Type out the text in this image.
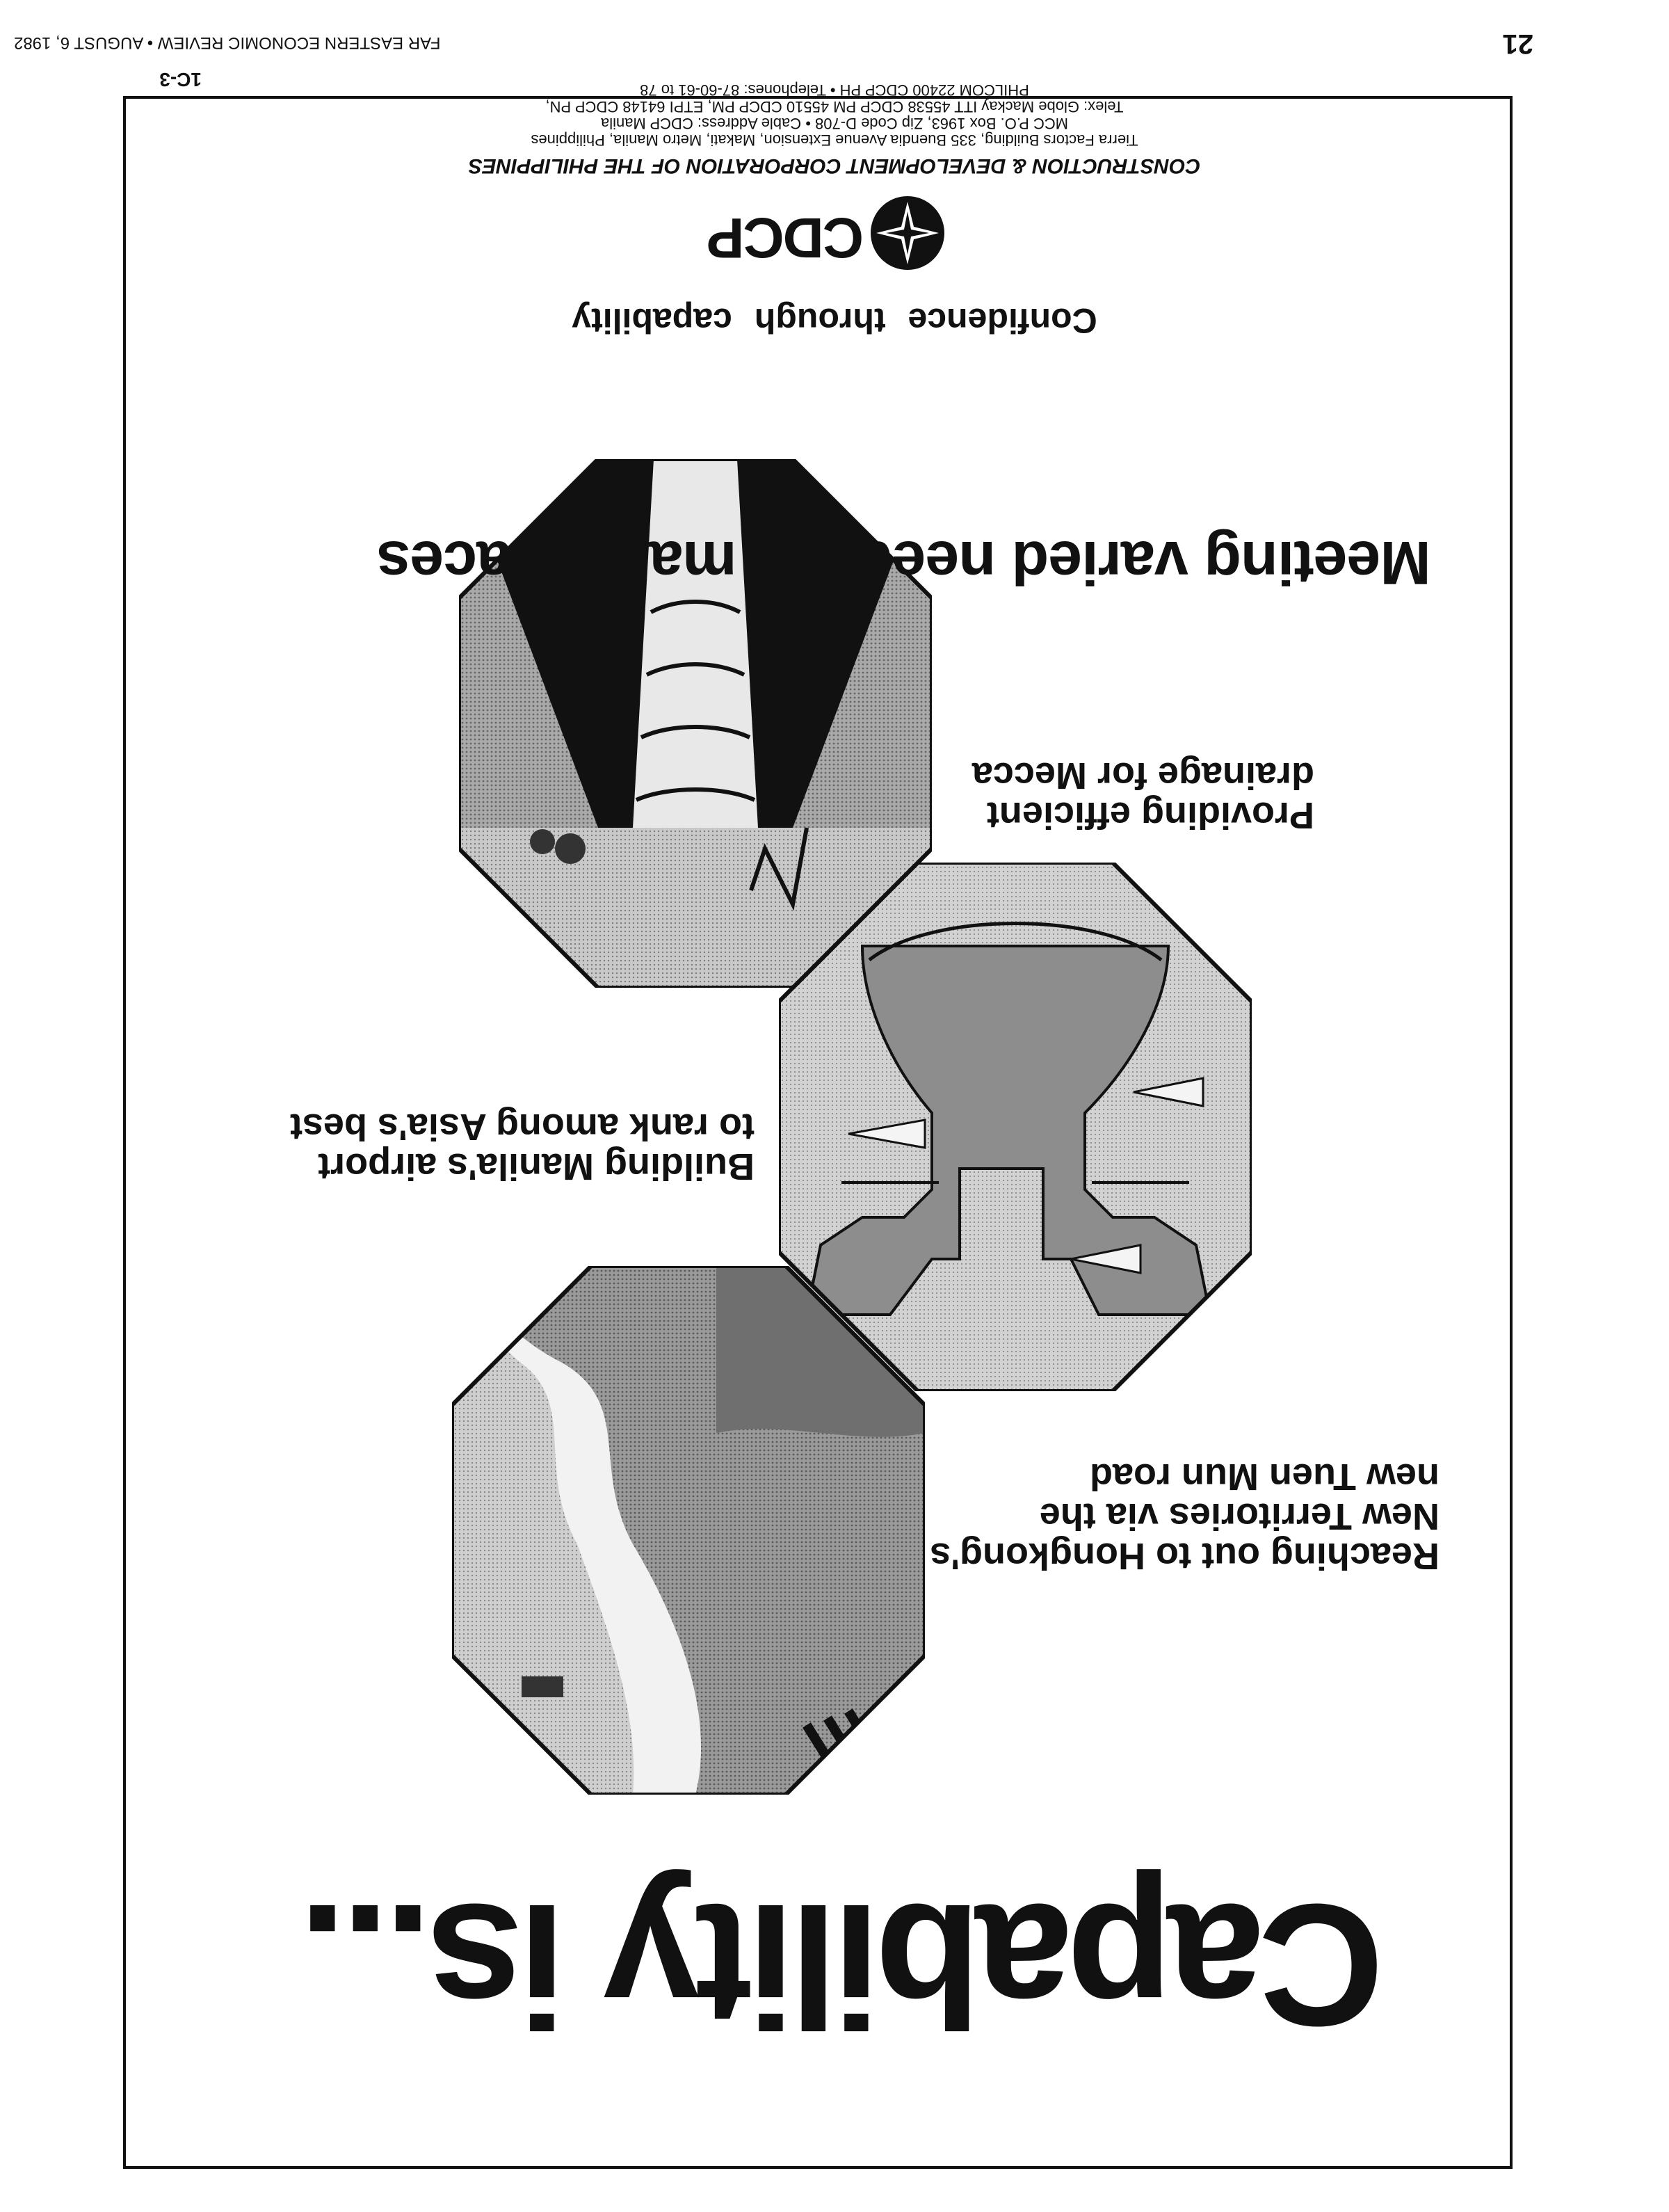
Capability is...
Reaching out to Hongkong's
New Territories via the
new Tuen Mun road
Building Manila's airport
to rank among Asia's best
Providing efficient
drainage for Mecca
Meeting varied needs in many places
Confidence through capability
CDCP
CONSTRUCTION & DEVELOPMENT CORPORATION OF THE PHILIPPINES
Tierra Factors Building, 335 Buendia Avenue Extension, Makati, Metro Manila, Philippines
MCC P.O. Box 1963, Zip Code D-708 • Cable Address: CDCP Manila
Telex: Globe Mackay ITT 45538 CDCP PM 45510 CDCP PM, ETPI 64148 CDCP PN,
PHILCOM 22400 CDCP PH • Telephones: 87-60-61 to 78
1C-3
FAR EASTERN ECONOMIC REVIEW • AUGUST 6, 1982	21
